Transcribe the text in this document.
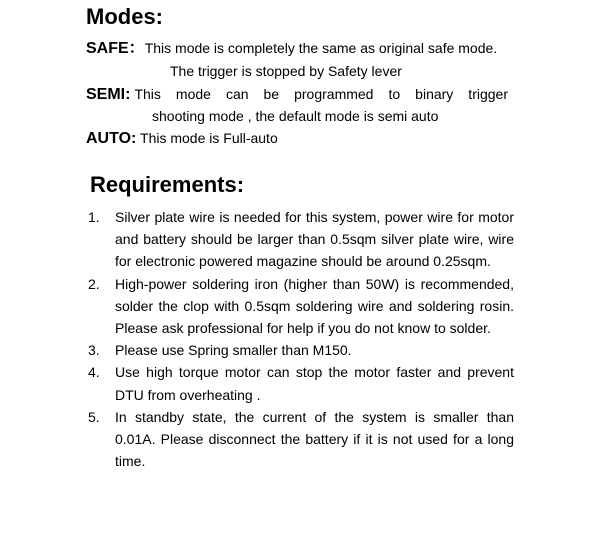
Modes:
SAFE：This mode is completely the same as original safe mode.
The trigger is stopped by Safety lever
SEMI: This mode can be programmed to binary trigger
shooting mode , the default mode is semi auto
AUTO: This mode is Full-auto
Requirements:
1. Silver plate wire is needed for this system, power wire for motor and battery should be larger than 0.5sqm silver plate wire, wire for electronic powered magazine should be around 0.25sqm.
2. High-power soldering iron (higher than 50W) is recommended, solder the clop with 0.5sqm soldering wire and soldering rosin. Please ask professional for help if you do not know to solder.
3. Please use Spring smaller than M150.
4. Use high torque motor can stop the motor faster and prevent DTU from overheating .
5. In standby state, the current of the system is smaller than 0.01A. Please disconnect the battery if it is not used for a long time.
